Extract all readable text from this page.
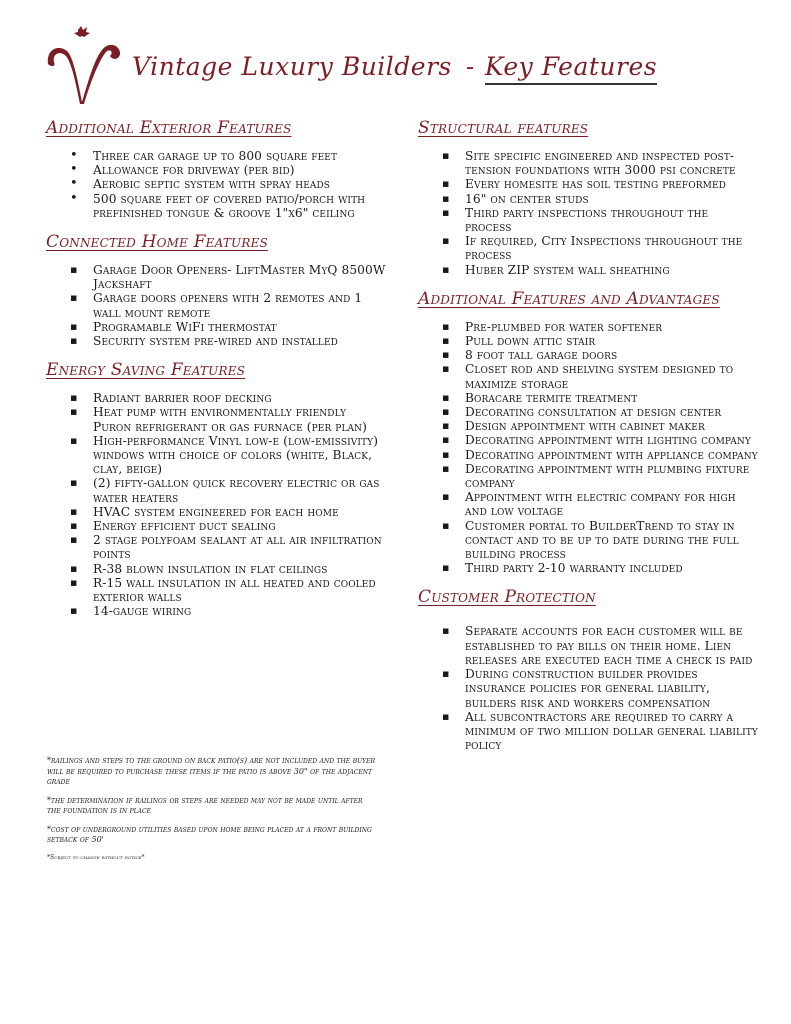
Vintage Luxury Builders - Key Features
Additional Exterior Features
• Three car garage up to 800 square feet
• Allowance for driveway (per bid)
• Aerobic septic system with spray heads
• 500 square feet of covered patio/porch with prefinished tongue & groove 1"x6" ceiling
Connected Home Features
▪ Garage Door Openers- LiftMaster MyQ 8500W Jackshaft
▪ Garage doors openers with 2 remotes and 1 wall mount remote
▪ Programable WiFi thermostat
▪ Security system pre-wired and installed
Energy Saving Features
▪ Radiant barrier roof decking
▪ Heat pump with environmentally friendly Puron refrigerant or gas furnace (per plan)
▪ High-performance Vinyl low-e (low-emissivity) windows with choice of colors (white, Black, clay, beige)
▪ (2) fifty-gallon quick recovery electric or gas water heaters
▪ HVAC system engineered for each home
▪ Energy efficient duct sealing
▪ 2 stage polyfoam sealant at all air infiltration points
▪ R-38 blown insulation in flat ceilings
▪ R-15 wall insulation in all heated and cooled exterior walls
▪ 14-gauge wiring

*railings and steps to the ground on back patio(s) are not included and the buyer will be required to purchase these items if the patio is above 30" of the adjacent grade

*the determination if railings or steps are needed may not be made until after the foundation is in place

*cost of underground utilities based upon home being placed at a front building setback of 50'

*Subject to change without notice*

Structural features
▪ Site specific engineered and inspected post-tension foundations with 3000 psi concrete
▪ Every homesite has soil testing preformed
▪ 16" on center studs
▪ Third party inspections throughout the process
▪ If required, City Inspections throughout the process
▪ Huber ZIP system wall sheathing
Additional Features and Advantages
▪ Pre-plumbed for water softener
▪ Pull down attic stair
▪ 8 foot tall garage doors
▪ Closet rod and shelving system designed to maximize storage
▪ Boracare termite treatment
▪ Decorating consultation at design center
▪ Design appointment with cabinet maker
▪ Decorating appointment with lighting company
▪ Decorating appointment with appliance company
▪ Decorating appointment with plumbing fixture company
▪ Appointment with electric company for high and low voltage
▪ Customer portal to BuilderTrend to stay in contact and to be up to date during the full building process
▪ Third party 2-10 warranty included
Customer Protection
▪ Separate accounts for each customer will be established to pay bills on their home. Lien releases are executed each time a check is paid
▪ During construction builder provides insurance policies for general liability, builders risk and workers compensation
▪ All subcontractors are required to carry a minimum of two million dollar general liability policy
